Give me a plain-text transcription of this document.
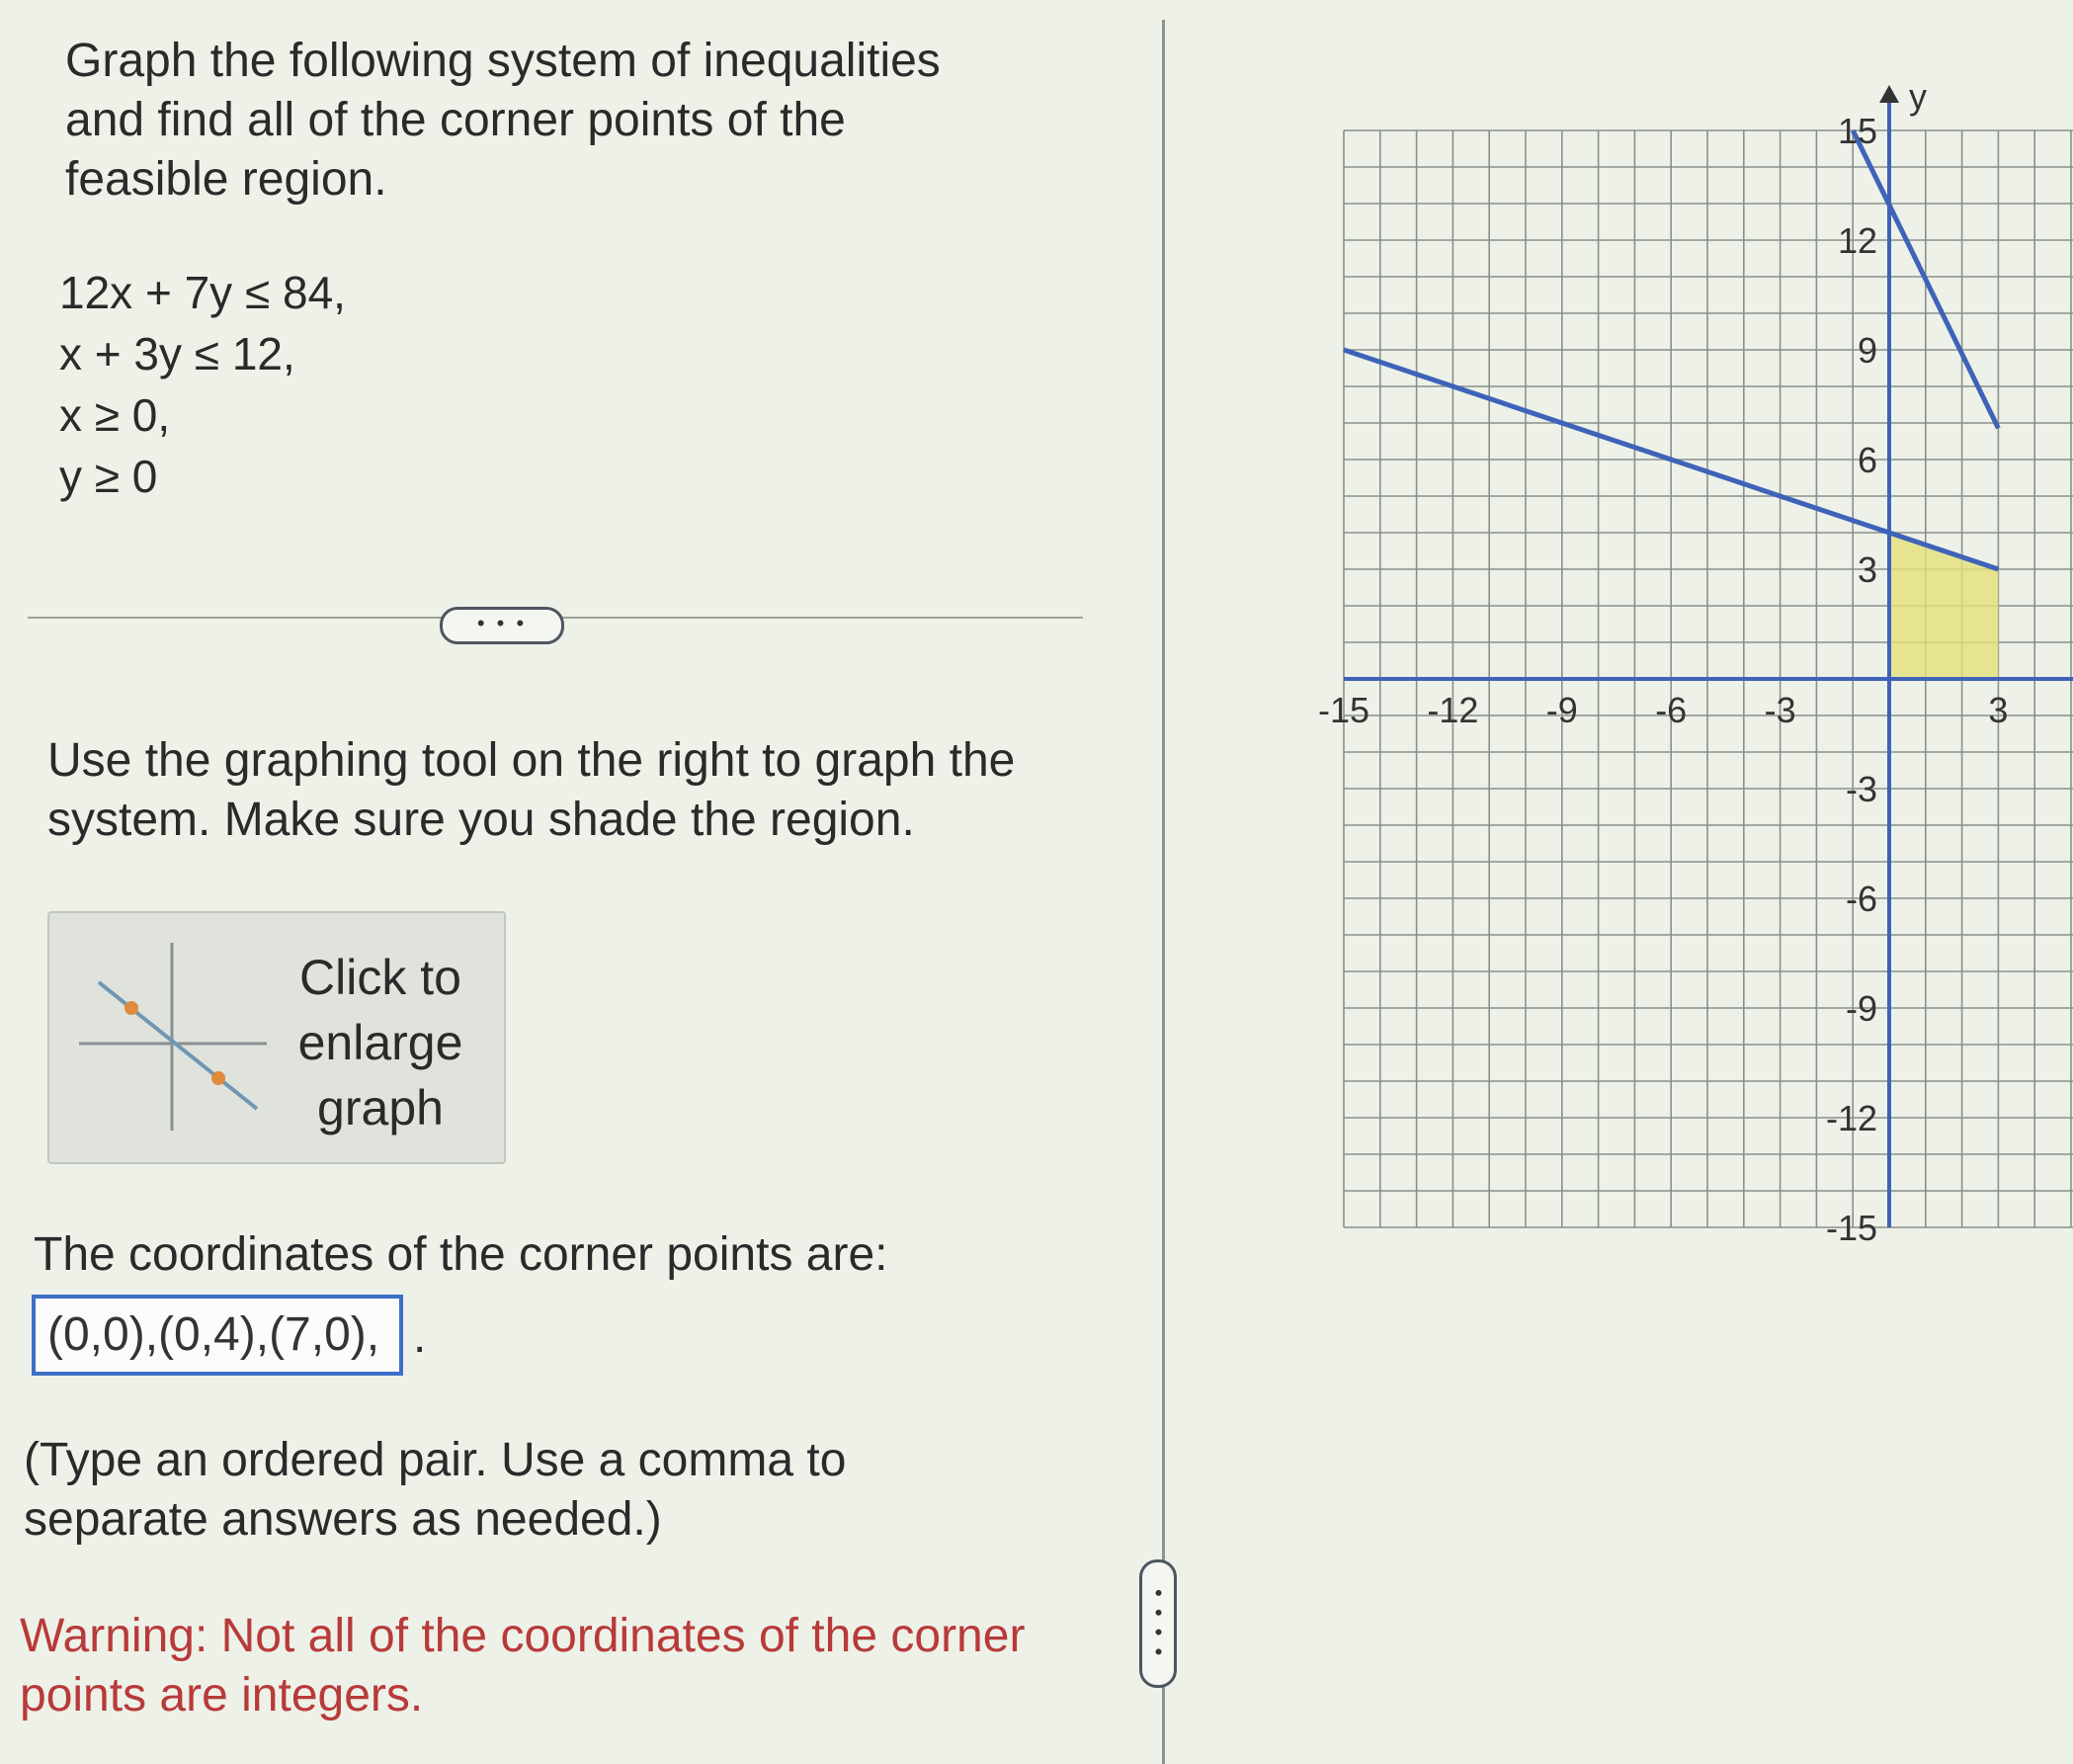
Graph the following system of inequalities and find all of the corner points of the feasible region.
12x + 7y ≤ 84,
x + 3y ≤ 12,
x ≥ 0,
y ≥ 0
• • •
Use the graphing tool on the right to graph the system. Make sure you shade the region.
Click to enlarge graph
The coordinates of the corner points are:
(0,0),(0,4),(7,0), .
(Type an ordered pair. Use a comma to separate answers as needed.)
Warning: Not all of the coordinates of the corner points are integers.
• • • •
y
-15 -12 -9 -6 -3	3
15
12
9
6
3
-3
-6
-9
-12
-15
